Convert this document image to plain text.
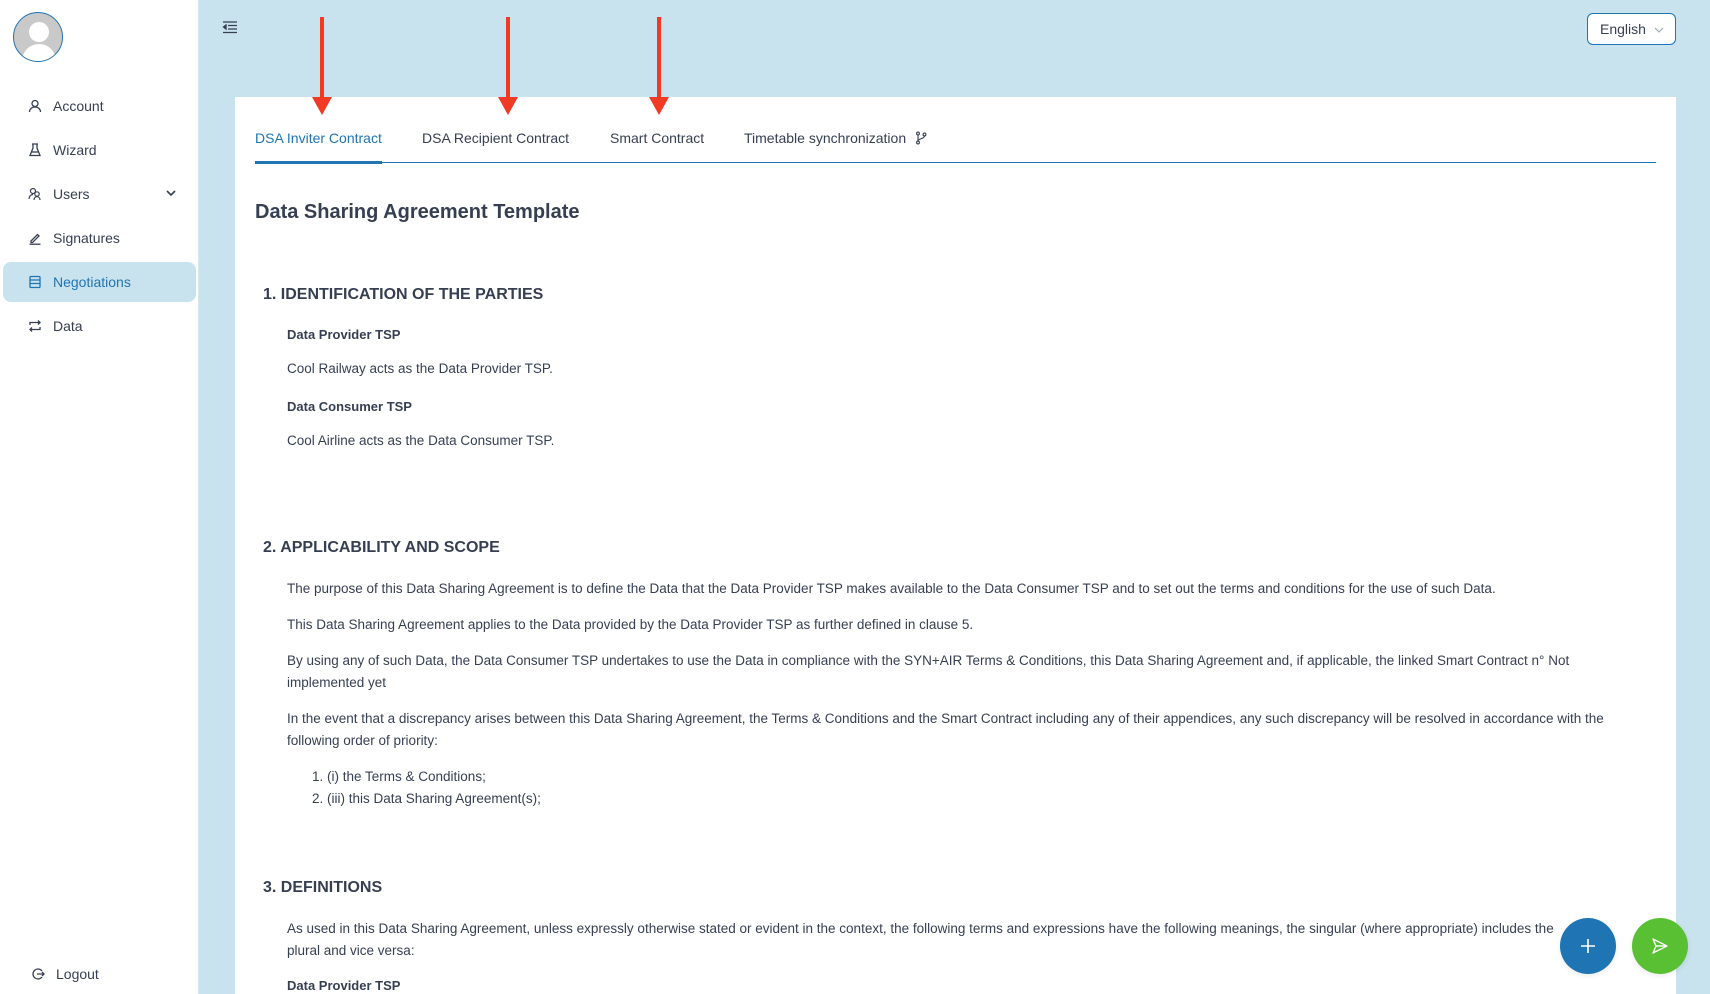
Account
Wizard
Users
Signatures
Negotiations
Data
Logout
English
DSA Inviter Contract	DSA Recipient Contract	Smart Contract	Timetable synchronization
Data Sharing Agreement Template
1. IDENTIFICATION OF THE PARTIES
Data Provider TSP
Cool Railway acts as the Data Provider TSP.
Data Consumer TSP
Cool Airline acts as the Data Consumer TSP.
2. APPLICABILITY AND SCOPE
The purpose of this Data Sharing Agreement is to define the Data that the Data Provider TSP makes available to the Data Consumer TSP and to set out the terms and conditions for the use of such Data.
This Data Sharing Agreement applies to the Data provided by the Data Provider TSP as further defined in clause 5.
By using any of such Data, the Data Consumer TSP undertakes to use the Data in compliance with the SYN+AIR Terms & Conditions, this Data Sharing Agreement and, if applicable, the linked Smart Contract n° Not implemented yet
In the event that a discrepancy arises between this Data Sharing Agreement, the Terms & Conditions and the Smart Contract including any of their appendices, any such discrepancy will be resolved in accordance with the following order of priority:
1. (i) the Terms & Conditions;
2. (iii) this Data Sharing Agreement(s);
3. DEFINITIONS
As used in this Data Sharing Agreement, unless expressly otherwise stated or evident in the context, the following terms and expressions have the following meanings, the singular (where appropriate) includes the plural and vice versa:
Data Provider TSP
